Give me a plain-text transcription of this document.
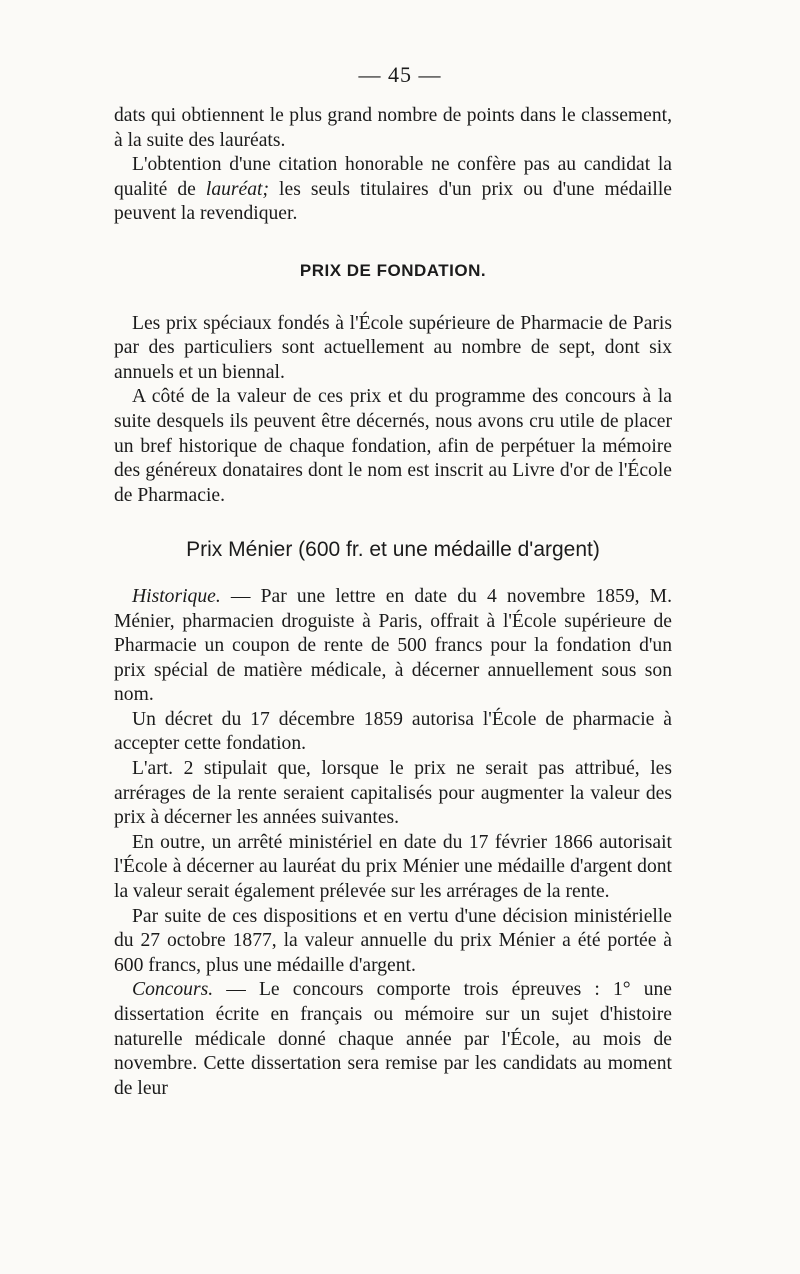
— 45 —

dats qui obtiennent le plus grand nombre de points dans le classement, à la suite des lauréats.

L'obtention d'une citation honorable ne confère pas au candidat la qualité de lauréat; les seuls titulaires d'un prix ou d'une médaille peuvent la revendiquer.

PRIX DE FONDATION.

Les prix spéciaux fondés à l'École supérieure de Pharmacie de Paris par des particuliers sont actuellement au nombre de sept, dont six annuels et un biennal.

A côté de la valeur de ces prix et du programme des concours à la suite desquels ils peuvent être décernés, nous avons cru utile de placer un bref historique de chaque fondation, afin de perpétuer la mémoire des généreux donataires dont le nom est inscrit au Livre d'or de l'École de Pharmacie.

Prix Ménier (600 fr. et une médaille d'argent)

Historique. — Par une lettre en date du 4 novembre 1859, M. Ménier, pharmacien droguiste à Paris, offrait à l'École supérieure de Pharmacie un coupon de rente de 500 francs pour la fondation d'un prix spécial de matière médicale, à décerner annuellement sous son nom.

Un décret du 17 décembre 1859 autorisa l'École de pharmacie à accepter cette fondation.

L'art. 2 stipulait que, lorsque le prix ne serait pas attribué, les arrérages de la rente seraient capitalisés pour augmenter la valeur des prix à décerner les années suivantes.

En outre, un arrêté ministériel en date du 17 février 1866 autorisait l'École à décerner au lauréat du prix Ménier une médaille d'argent dont la valeur serait également prélevée sur les arrérages de la rente.

Par suite de ces dispositions et en vertu d'une décision ministérielle du 27 octobre 1877, la valeur annuelle du prix Ménier a été portée à 600 francs, plus une médaille d'argent.

Concours. — Le concours comporte trois épreuves : 1° une dissertation écrite en français ou mémoire sur un sujet d'histoire naturelle médicale donné chaque année par l'École, au mois de novembre. Cette dissertation sera remise par les candidats au moment de leur
